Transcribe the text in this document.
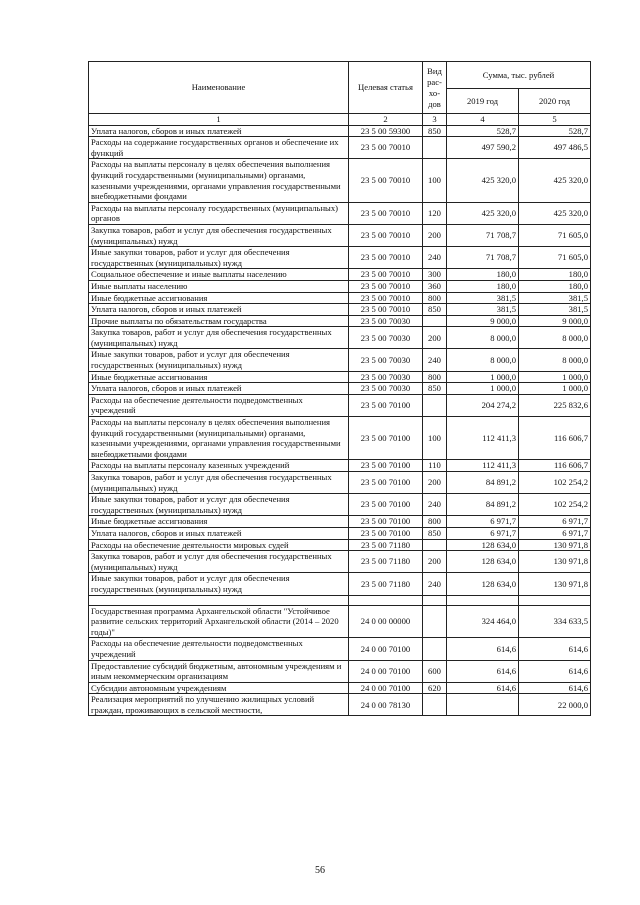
Наименование	Целевая статья	Вид
рас-
хо-
дов	Сумма, тыс. рублей	
			2019 год	2020 год
1	2	3	4	5
Уплата налогов, сборов и иных платежей	23 5 00 59300	850	528,7	528,7
Расходы на содержание государственных органов и обеспечение их функций	23 5 00 70010		497 590,2	497 486,5
Расходы на выплаты персоналу в целях обеспечения выполнения функций государственными (муниципальными) органами, казенными учреждениями, органами управления государственными внебюджетными фондами	23 5 00 70010	100	425 320,0	425 320,0
Расходы на выплаты персоналу государственных (муниципальных) органов	23 5 00 70010	120	425 320,0	425 320,0
Закупка товаров, работ и услуг для обеспечения государственных (муниципальных) нужд	23 5 00 70010	200	71 708,7	71 605,0
Иные закупки товаров, работ и услуг для обеспечения государственных (муниципальных) нужд	23 5 00 70010	240	71 708,7	71 605,0
Социальное обеспечение и иные выплаты населению	23 5 00 70010	300	180,0	180,0
Иные выплаты населению	23 5 00 70010	360	180,0	180,0
Иные бюджетные ассигнования	23 5 00 70010	800	381,5	381,5
Уплата налогов, сборов и иных платежей	23 5 00 70010	850	381,5	381,5
Прочие выплаты по обязательствам государства	23 5 00 70030		9 000,0	9 000,0
Закупка товаров, работ и услуг для обеспечения государственных (муниципальных) нужд	23 5 00 70030	200	8 000,0	8 000,0
Иные закупки товаров, работ и услуг для обеспечения государственных (муниципальных) нужд	23 5 00 70030	240	8 000,0	8 000,0
Иные бюджетные ассигнования	23 5 00 70030	800	1 000,0	1 000,0
Уплата налогов, сборов и иных платежей	23 5 00 70030	850	1 000,0	1 000,0
Расходы на обеспечение деятельности подведомственных учреждений	23 5 00 70100		204 274,2	225 832,6
Расходы на выплаты персоналу в целях обеспечения выполнения функций государственными (муниципальными) органами, казенными учреждениями, органами управления государственными внебюджетными фондами	23 5 00 70100	100	112 411,3	116 606,7
Расходы на выплаты персоналу казенных учреждений	23 5 00 70100	110	112 411,3	116 606,7
Закупка товаров, работ и услуг для обеспечения государственных (муниципальных) нужд	23 5 00 70100	200	84 891,2	102 254,2
Иные закупки товаров, работ и услуг для обеспечения государственных (муниципальных) нужд	23 5 00 70100	240	84 891,2	102 254,2
Иные бюджетные ассигнования	23 5 00 70100	800	6 971,7	6 971,7
Уплата налогов, сборов и иных платежей	23 5 00 70100	850	6 971,7	6 971,7
Расходы на обеспечение деятельности мировых судей	23 5 00 71180		128 634,0	130 971,8
Закупка товаров, работ и услуг для обеспечения государственных (муниципальных) нужд	23 5 00 71180	200	128 634,0	130 971,8
Иные закупки товаров, работ и услуг для обеспечения государственных (муниципальных) нужд	23 5 00 71180	240	128 634,0	130 971,8

Государственная программа Архангельской области "Устойчивое развитие сельских территорий Архангельской области (2014 – 2020 годы)"	24 0 00 00000		324 464,0	334 633,5
Расходы на обеспечение деятельности подведомственных учреждений	24 0 00 70100		614,6	614,6
Предоставление субсидий бюджетным, автономным учреждениям и иным некоммерческим организациям	24 0 00 70100	600	614,6	614,6
Субсидии автономным учреждениям	24 0 00 70100	620	614,6	614,6
Реализация мероприятий по улучшению жилищных условий граждан, проживающих в сельской местности,	24 0 00 78130			22 000,0
56
